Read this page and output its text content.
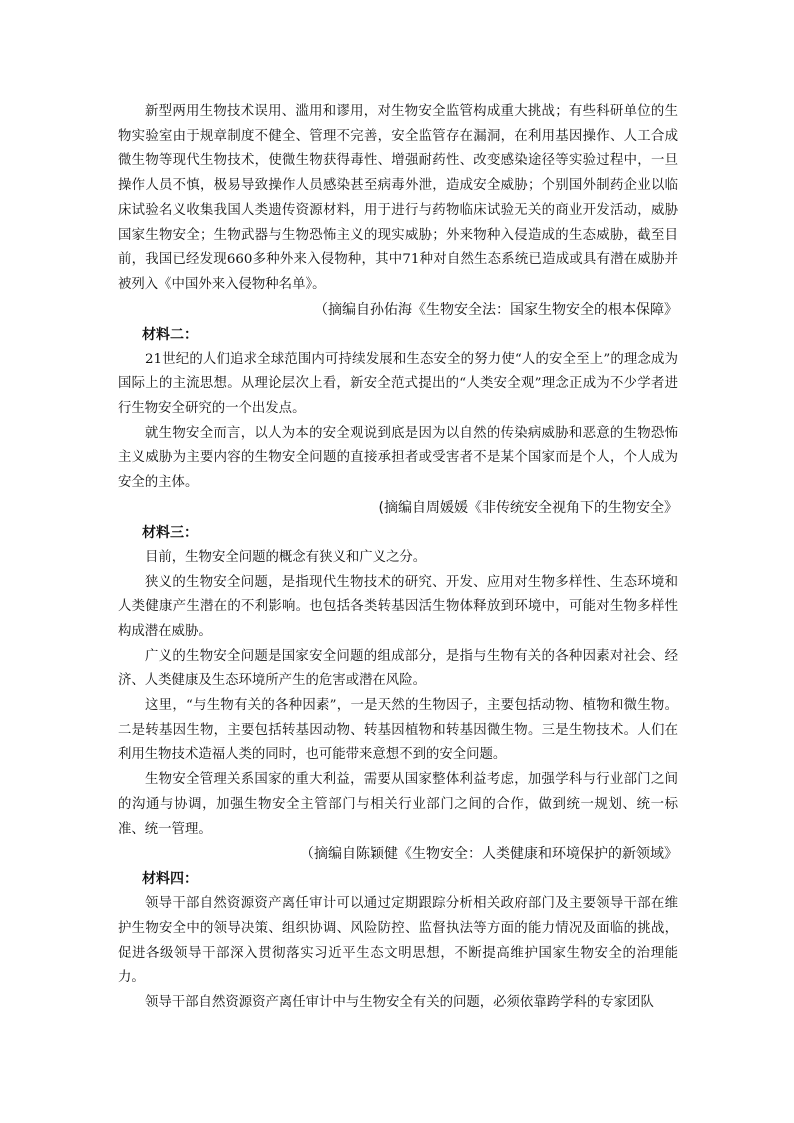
新型两用生物技术误用、滥用和谬用，对生物安全监管构成重大挑战；有些科研单位的生物实验室由于规章制度不健全、管理不完善，安全监管存在漏洞，在利用基因操作、人工合成微生物等现代生物技术，使微生物获得毒性、增强耐药性、改变感染途径等实验过程中，一旦操作人员不慎，极易导致操作人员感染甚至病毒外泄，造成安全威胁；个别国外制药企业以临床试验名义收集我国人类遗传资源材料，用于进行与药物临床试验无关的商业开发活动，威胁国家生物安全；生物武器与生物恐怖主义的现实威胁；外来物种入侵造成的生态威胁，截至目前，我国已经发现660多种外来入侵物种，其中71种对自然生态系统已造成或具有潜在威胁并被列入《中国外来入侵物种名单》。

（摘编自孙佑海《生物安全法：国家生物安全的根本保障》

材料二：

21世纪的人们追求全球范围内可持续发展和生态安全的努力使“人的安全至上”的理念成为国际上的主流思想。从理论层次上看，新安全范式提出的“人类安全观”理念正成为不少学者进行生物安全研究的一个出发点。

就生物安全而言，以人为本的安全观说到底是因为以自然的传染病威胁和恶意的生物恐怖主义威胁为主要内容的生物安全问题的直接承担者或受害者不是某个国家而是个人，个人成为安全的主体。

(摘编自周媛媛《非传统安全视角下的生物安全》

材料三：

目前，生物安全问题的概念有狭义和广义之分。

狭义的生物安全问题，是指现代生物技术的研究、开发、应用对生物多样性、生态环境和人类健康产生潜在的不利影响。也包括各类转基因活生物体释放到环境中，可能对生物多样性构成潜在威胁。

广义的生物安全问题是国家安全问题的组成部分，是指与生物有关的各种因素对社会、经济、人类健康及生态环境所产生的危害或潜在风险。

这里，“与生物有关的各种因素”，一是天然的生物因子，主要包括动物、植物和微生物。二是转基因生物，主要包括转基因动物、转基因植物和转基因微生物。三是生物技术。人们在利用生物技术造福人类的同时，也可能带来意想不到的安全问题。

生物安全管理关系国家的重大利益，需要从国家整体利益考虑，加强学科与行业部门之间的沟通与协调，加强生物安全主管部门与相关行业部门之间的合作，做到统一规划、统一标准、统一管理。

（摘编自陈颖健《生物安全：人类健康和环境保护的新领域》

材料四：

领导干部自然资源资产离任审计可以通过定期跟踪分析相关政府部门及主要领导干部在维护生物安全中的领导决策、组织协调、风险防控、监督执法等方面的能力情况及面临的挑战，促进各级领导干部深入贯彻落实习近平生态文明思想，不断提高维护国家生物安全的治理能力。

领导干部自然资源资产离任审计中与生物安全有关的问题，必须依靠跨学科的专家团队
